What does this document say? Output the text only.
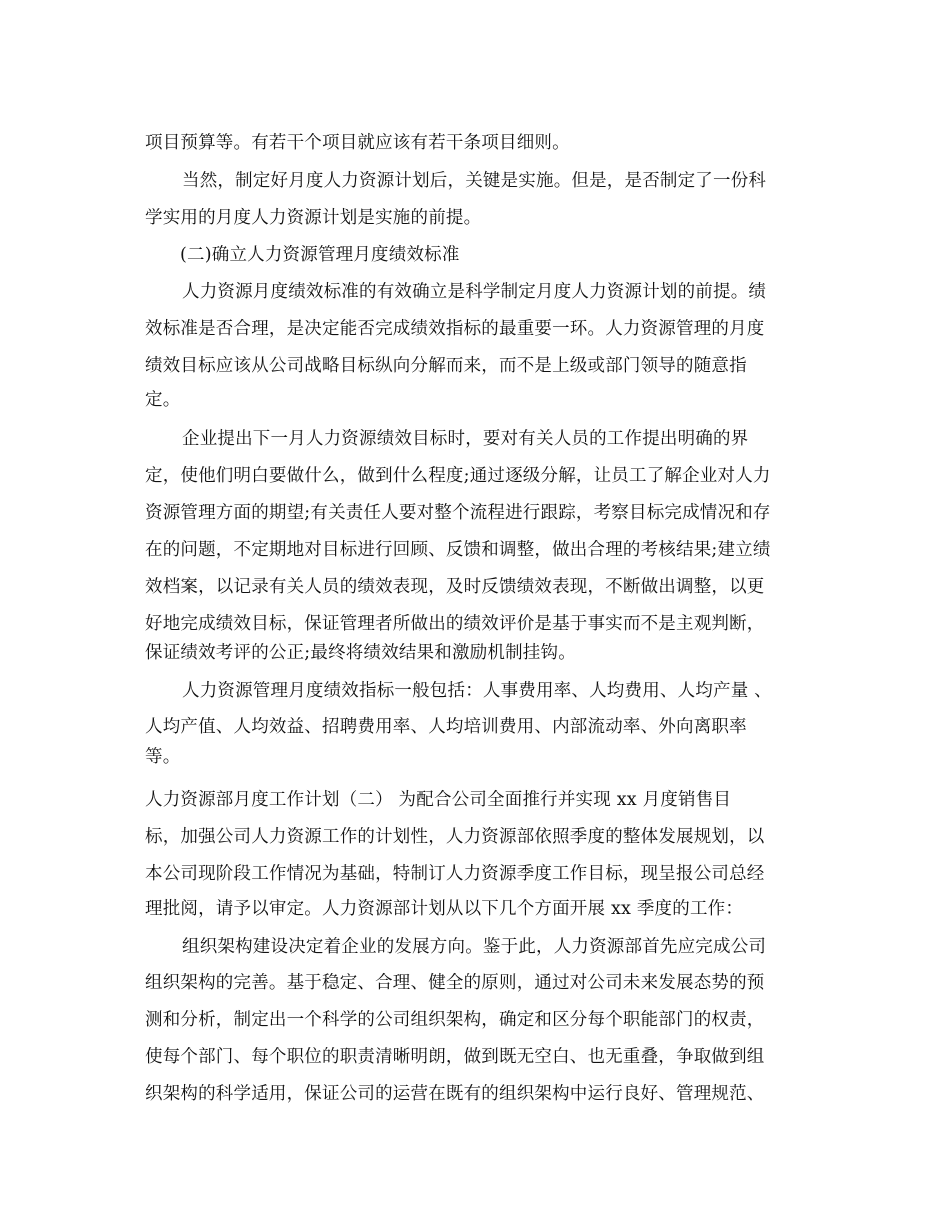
项目预算等。有若干个项目就应该有若干条项目细则。
当然，制定好月度人力资源计划后，关键是实施。但是，是否制定了一份科
学实用的月度人力资源计划是实施的前提。
(二)确立人力资源管理月度绩效标准
人力资源月度绩效标准的有效确立是科学制定月度人力资源计划的前提。绩
效标准是否合理，是决定能否完成绩效指标的最重要一环。人力资源管理的月度
绩效目标应该从公司战略目标纵向分解而来，而不是上级或部门领导的随意指
定。
企业提出下一月人力资源绩效目标时，要对有关人员的工作提出明确的界
定，使他们明白要做什么，做到什么程度;通过逐级分解，让员工了解企业对人力
资源管理方面的期望;有关责任人要对整个流程进行跟踪，考察目标完成情况和存
在的问题，不定期地对目标进行回顾、反馈和调整，做出合理的考核结果;建立绩
效档案，以记录有关人员的绩效表现，及时反馈绩效表现，不断做出调整，以更
好地完成绩效目标，保证管理者所做出的绩效评价是基于事实而不是主观判断，
保证绩效考评的公正;最终将绩效结果和激励机制挂钩。
人力资源管理月度绩效指标一般包括：人事费用率、人均费用、人均产量 、
人均产值、人均效益、招聘费用率、人均培训费用、内部流动率、外向离职率
等。
人力资源部月度工作计划（二） 为配合公司全面推行并实现 xx 月度销售目
标，加强公司人力资源工作的计划性，人力资源部依照季度的整体发展规划，以
本公司现阶段工作情况为基础，特制订人力资源季度工作目标，现呈报公司总经
理批阅，请予以审定。人力资源部计划从以下几个方面开展 xx 季度的工作：
组织架构建设决定着企业的发展方向。鉴于此，人力资源部首先应完成公司
组织架构的完善。基于稳定、合理、健全的原则，通过对公司未来发展态势的预
测和分析，制定出一个科学的公司组织架构，确定和区分每个职能部门的权责，
使每个部门、每个职位的职责清晰明朗，做到既无空白、也无重叠，争取做到组
织架构的科学适用，保证公司的运营在既有的组织架构中运行良好、管理规范、
